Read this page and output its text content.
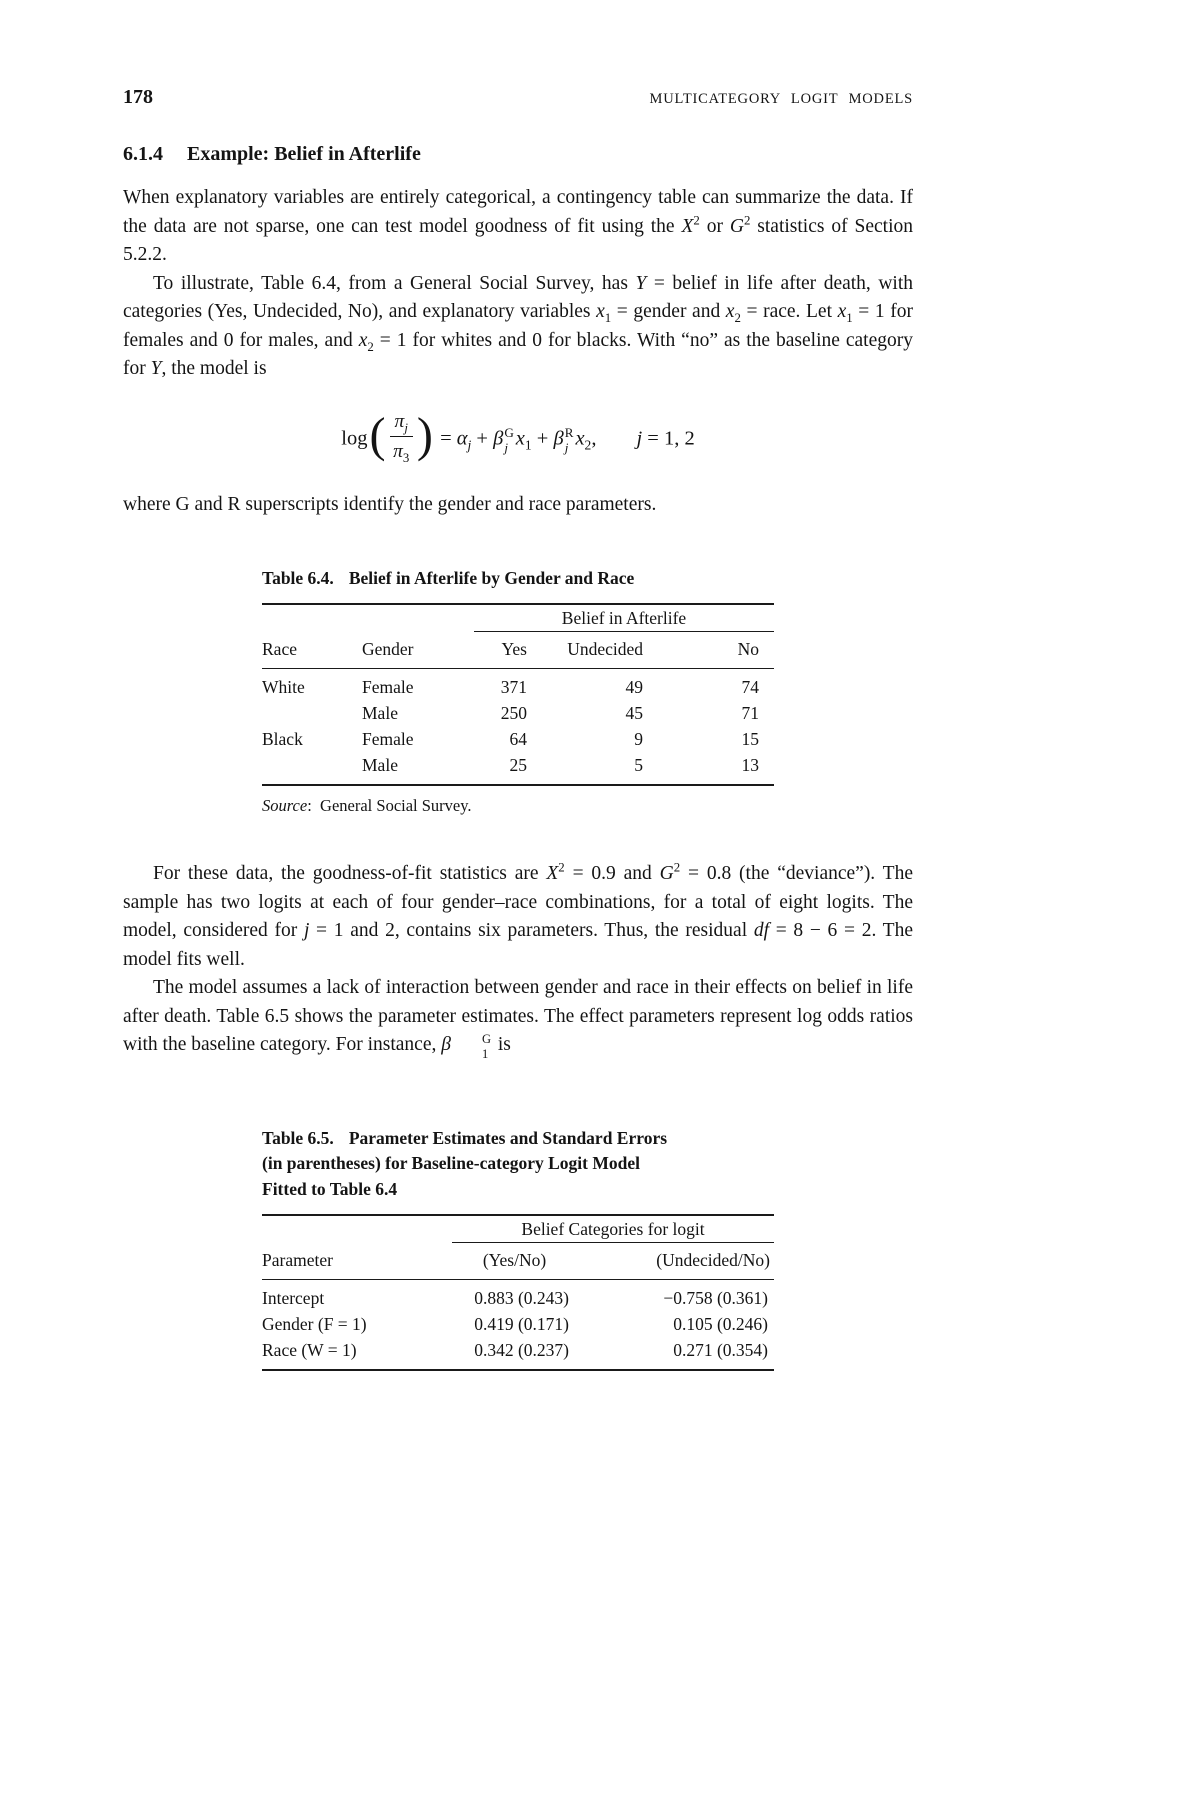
178	MULTICATEGORY LOGIT MODELS
6.1.4 Example: Belief in Afterlife

When explanatory variables are entirely categorical, a contingency table can summarize the data. If the data are not sparse, one can test model goodness of fit using the $X^2$ or $G^2$ statistics of Section 5.2.2.

To illustrate, Table 6.4, from a General Social Survey, has Y = belief in life after death, with categories (Yes, Undecided, No), and explanatory variables $x_1$ = gender and $x_2$ = race. Let $x_1 = 1$ for females and 0 for males, and $x_2 = 1$ for whites and 0 for blacks. With “no” as the baseline category for Y, the model is

$\log( \frac{\pi_j}{\pi_3}$ ) = $\alpha_j + \beta$ G
j $x_1 + \beta$ R
j $x_2$, j = 1, 2

where G and R superscripts identify the gender and race parameters.

Table 6.4. Belief in Afterlife by Gender and Race
		Belief in Afterlife		
Race	Gender	Yes	Undecided	No
White	Female	371	49	74
	Male	250	45	71
Black	Female	64	9	15
	Male	25	5	13
Source:  General Social Survey.

For these data, the goodness-of-fit statistics are $X^2 = 0.9$ and $G^2 = 0.8$ (the “deviance”). The sample has two logits at each of four gender–race combinations, for a total of eight logits. The model, considered for j = 1 and 2, contains six parameters. Thus, the residual df = 8 − 6 = 2. The model fits well.

The model assumes a lack of interaction between gender and race in their effects on belief in life after death. Table 6.5 shows the parameter estimates. The effect parameters represent log odds ratios with the baseline category. For instance, β	G
1 is

Table 6.5. Parameter Estimates and Standard Errors
(in parentheses) for Baseline-category Logit Model
Fitted to Table 6.4
	Belief Categories for logit	
Parameter	(Yes/No)	(Undecided/No)
Intercept	0.883 (0.243)	−0.758 (0.361)
Gender (F = 1)	0.419 (0.171)	0.105 (0.246)
Race (W = 1)	0.342 (0.237)	0.271 (0.354)
